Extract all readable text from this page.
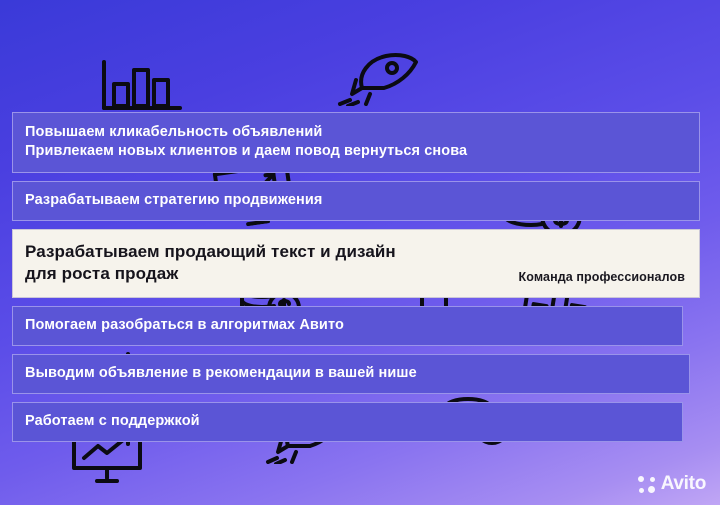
Повышаем кликабельность объявлений
Привлекаем новых клиентов и даем повод вернуться снова
Разрабатываем стратегию продвижения
Разрабатываем продающий текст и дизайн
для роста продаж	Команда профессионалов
Помогаем разобраться в алгоритмах Авито
Выводим объявление в рекомендации в вашей нише
Работаем с поддержкой
Avito
